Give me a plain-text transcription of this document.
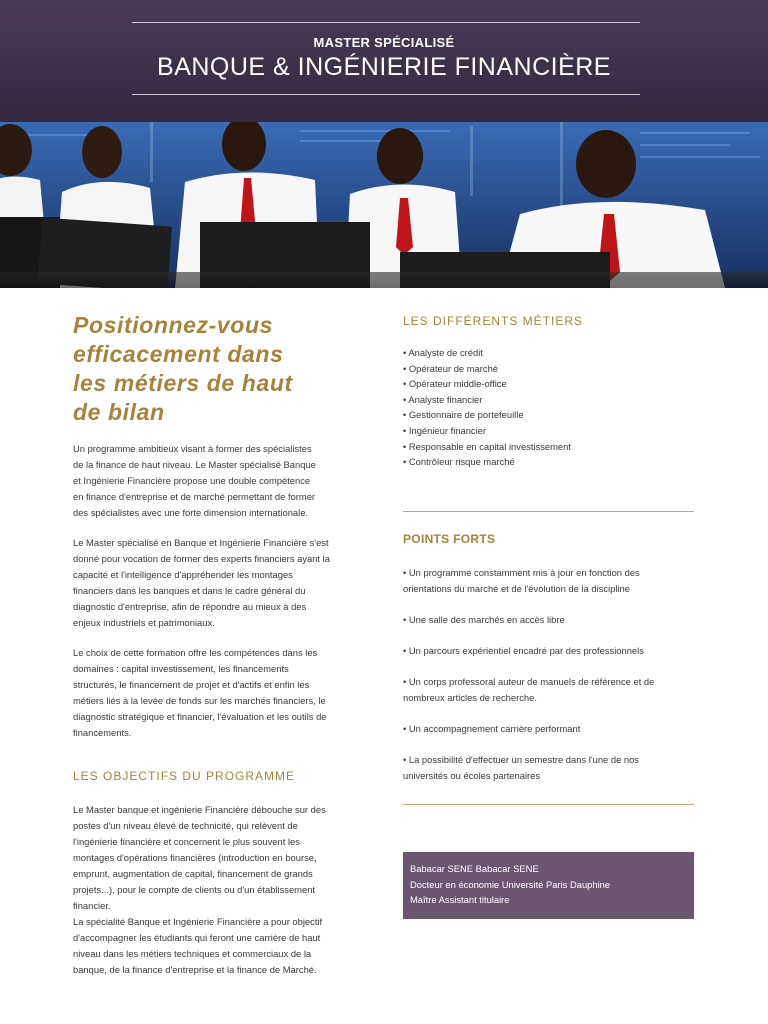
MASTER SPÉCIALISÉ
BANQUE & INGÉNIERIE FINANCIÈRE
Positionnez-vous
efficacement dans
les métiers de haut
de bilan
Un programme ambitieux visant à former des spécialistes
de la finance de haut niveau. Le Master spécialisé Banque
et Ingénierie Financière propose une double compétence
en finance d'entreprise et de marché permettant de former
des spécialistes avec une forte dimension internationale.
Le Master spécialisé en Banque et Ingénierie Financière s'est
donné pour vocation de former des experts financiers ayant la
capacité et l'intelligence d'appréhender les montages
financiers dans les banques et dans le cadre général du
diagnostic d'entreprise, afin de répondre au mieux à des
enjeux industriels et patrimoniaux.
Le choix de cette formation offre les compétences dans les
domaines : capital investissement, les financements
structurés, le financement de projet et d'actifs et enfin les
métiers liés à la levée de fonds sur les marchés financiers, le
diagnostic stratégique et financier, l'évaluation et les outils de
financements.
LES OBJECTIFS DU PROGRAMME
Le Master banque et ingénierie Financière débouche sur des
postes d'un niveau élevé de technicité, qui relèvent de
l'ingénierie financière et concernent le plus souvent les
montages d'opérations financières (introduction en bourse,
emprunt, augmentation de capital, financement de grands
projets...), pour le compte de clients ou d'un établissement
financier.
La spécialité Banque et Ingénierie Financière a pour objectif
d'accompagner les étudiants qui feront une carrière de haut
niveau dans les métiers techniques et commerciaux de la
banque, de la finance d'entreprise et la finance de Marché.
LES DIFFÉRENTS MÉTIERS
• Analyste de crédit
• Opérateur de marché
• Opérateur middle-office
• Analyste financier
• Gestionnaire de portefeuille
• Ingénieur financier
• Responsable en capital investissement
• Contrôleur risque marché
POINTS FORTS
• Un programme constamment mis à jour en fonction des
orientations du marché et de l'évolution de la discipline
• Une salle des marchés en accès libre
• Un parcours expérientiel encadré par des professionnels
• Un corps professoral auteur de manuels de référence et de
nombreux articles de recherche.
• Un accompagnement carrière performant
• La possibilité d'effectuer un semestre dans l'une de nos
universités ou écoles partenaires
Babacar SENE Babacar SENE
Docteur en économie Université Paris Dauphine
Maître Assistant titulaire
